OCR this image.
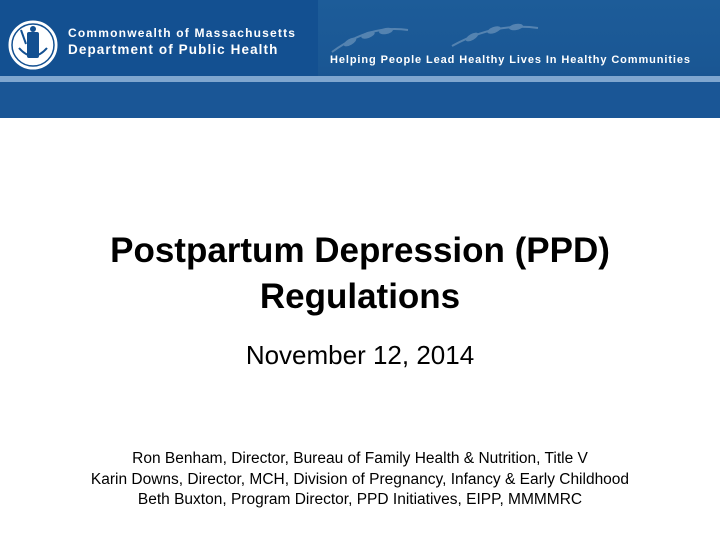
Commonwealth of Massachusetts
Department of Public Health
Helping People Lead Healthy Lives In Healthy Communities
Postpartum Depression (PPD)
Regulations
November 12, 2014
Ron Benham, Director, Bureau of Family Health & Nutrition, Title V
Karin Downs, Director, MCH, Division of Pregnancy, Infancy & Early Childhood
Beth Buxton, Program Director, PPD Initiatives, EIPP, MMMMRC
